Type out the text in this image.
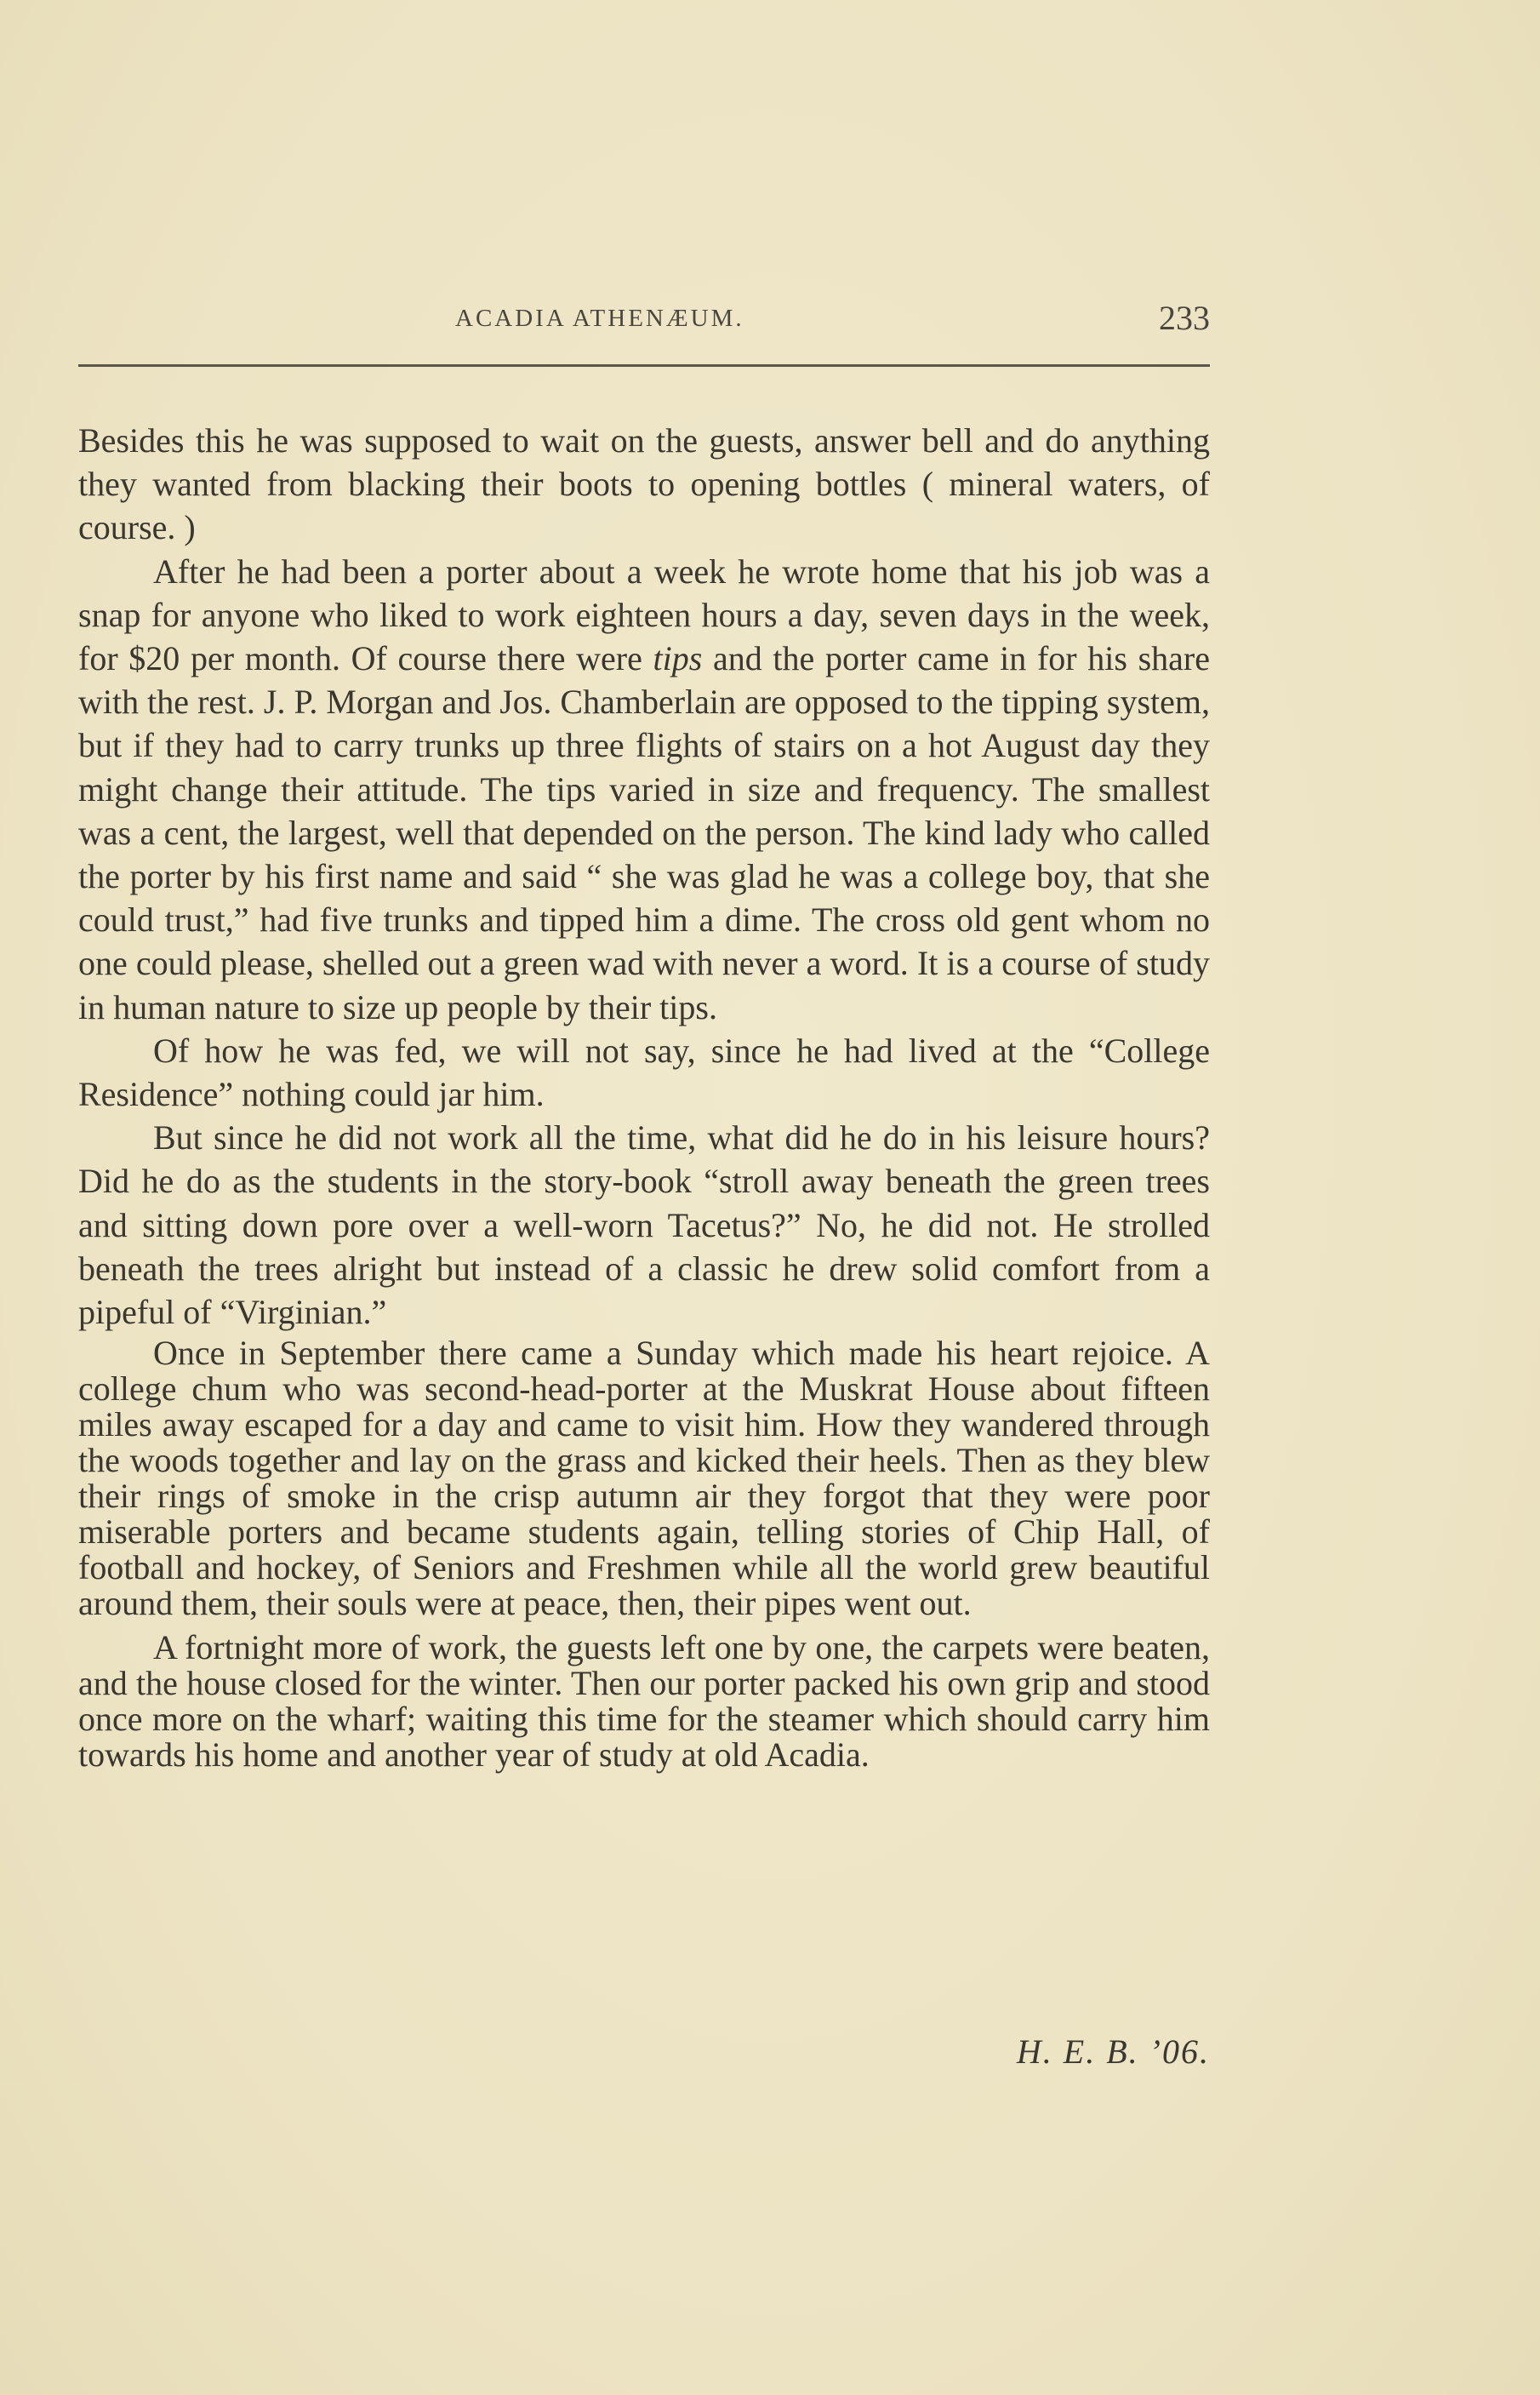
ACADIA ATHENÆUM.	233

Besides this he was supposed to wait on the guests, answer bell and do anything they wanted from blacking their boots to opening bottles ( mineral waters, of course. )

After he had been a porter about a week he wrote home that his job was a snap for anyone who liked to work eighteen hours a day, seven days in the week, for $20 per month. Of course there were tips and the porter came in for his share with the rest. J. P. Morgan and Jos. Chamberlain are opposed to the tipping system, but if they had to carry trunks up three flights of stairs on a hot August day they might change their attitude. The tips varied in size and frequency. The smallest was a cent, the largest, well that depended on the person. The kind lady who called the porter by his first name and said “ she was glad he was a college boy, that she could trust,” had five trunks and tipped him a dime. The cross old gent whom no one could please, shelled out a green wad with never a word. It is a course of study in human nature to size up people by their tips.

Of how he was fed, we will not say, since he had lived at the “College Residence” nothing could jar him.

But since he did not work all the time, what did he do in his leisure hours? Did he do as the students in the story-book “stroll away beneath the green trees and sitting down pore over a well-worn Tacetus?” No, he did not. He strolled beneath the trees alright but instead of a classic he drew solid comfort from a pipeful of “Virginian.”

Once in September there came a Sunday which made his heart rejoice. A college chum who was second-head-porter at the Muskrat House about fifteen miles away escaped for a day and came to visit him. How they wandered through the woods together and lay on the grass and kicked their heels. Then as they blew their rings of smoke in the crisp autumn air they forgot that they were poor miserable porters and became students again, telling stories of Chip Hall, of football and hockey, of Seniors and Freshmen while all the world grew beautiful around them, their souls were at peace, then, their pipes went out.

A fortnight more of work, the guests left one by one, the carpets were beaten, and the house closed for the winter. Then our porter packed his own grip and stood once more on the wharf; waiting this time for the steamer which should carry him towards his home and another year of study at old Acadia.

H. E. B. ’06.
